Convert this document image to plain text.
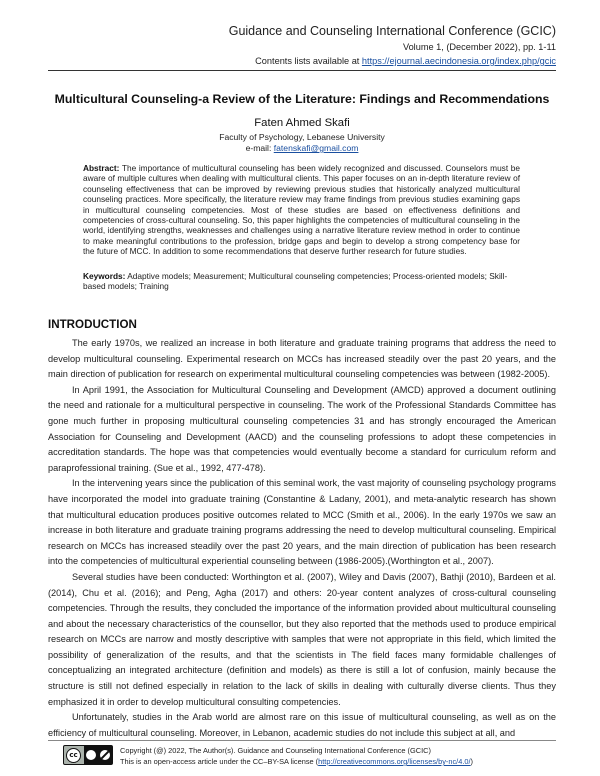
Guidance and Counseling International Conference (GCIC)
Volume 1, (December 2022), pp. 1-11
Contents lists available at https://ejournal.aecindonesia.org/index.php/gcic
Multicultural Counseling-a Review of the Literature: Findings and Recommendations
Faten Ahmed Skafi
Faculty of Psychology, Lebanese University
e-mail: fatenskafi@gmail.com
Abstract: The importance of multicultural counseling has been widely recognized and discussed. Counselors must be aware of multiple cultures when dealing with multicultural clients. This paper focuses on an in-depth literature review of counseling effectiveness that can be improved by reviewing previous studies that historically analyzed multicultural counseling practices. More specifically, the literature review may frame findings from previous studies examining gaps in multicultural counseling competencies. Most of these studies are based on effectiveness definitions and competencies of cross-cultural counseling. So, this paper highlights the competencies of multicultural counseling in the world, identifying strengths, weaknesses and challenges using a narrative literature review method in order to continue to make meaningful contributions to the profession, bridge gaps and begin to develop a strong competency base for the future of MCC. In addition to some recommendations that deserve further research for future studies.
Keywords: Adaptive models; Measurement; Multicultural counseling competencies; Process-oriented models; Skill-based models; Training
INTRODUCTION

The early 1970s, we realized an increase in both literature and graduate training programs that address the need to develop multicultural counseling. Experimental research on MCCs has increased steadily over the past 20 years, and the main direction of publication for research on experimental multicultural counseling competencies was between (1982-2005).

In April 1991, the Association for Multicultural Counseling and Development (AMCD) approved a document outlining the need and rationale for a multicultural perspective in counseling. The work of the Professional Standards Committee has gone much further in proposing multicultural counseling competencies 31 and has strongly encouraged the American Association for Counseling and Development (AACD) and the counseling professions to adopt these competencies in accreditation standards. The hope was that competencies would eventually become a standard for curriculum reform and paraprofessional training. (Sue et al., 1992, 477-478).

In the intervening years since the publication of this seminal work, the vast majority of counseling psychology programs have incorporated the model into graduate training (Constantine & Ladany, 2001), and meta-analytic research has shown that multicultural education produces positive outcomes related to MCC (Smith et al., 2006). In the early 1970s we saw an increase in both literature and graduate training programs addressing the need to develop multicultural counseling. Empirical research on MCCs has increased steadily over the past 20 years, and the main direction of publication has been research into the competencies of multicultural experiential counseling between (1986-2005).(Worthington et al., 2007).

Several studies have been conducted: Worthington et al. (2007), Wiley and Davis (2007), Bathji (2010), Bardeen et al. (2014), Chu et al. (2016); and Peng, Agha (2017) and others: 20-year content analyzes of cross-cultural counseling competencies. Through the results, they concluded the importance of the information provided about multicultural counseling and about the necessary characteristics of the counsellor, but they also reported that the methods used to produce empirical research on MCCs are narrow and mostly descriptive with samples that were not appropriate in this field, which limited the possibility of generalization of the results, and that the scientists in The field faces many formidable challenges of conceptualizing an integrated architecture (definition and models) as there is still a lot of confusion, mainly because the structure is still not defined especially in relation to the lack of skills in dealing with culturally diverse clients. Thus they emphasized it in order to develop multicultural consulting competencies.

Unfortunately, studies in the Arab world are almost rare on this issue of multicultural counseling, as well as on the efficiency of multicultural counseling. Moreover, in Lebanon, academic studies do not include this subject at all, and

cc	Copyright (@) 2022, The Author(s). Guidance and Counseling International Conference (GCIC)
This is an open-access article under the CC–BY-SA license (http://creativecommons.org/licenses/by-nc/4.0/)
